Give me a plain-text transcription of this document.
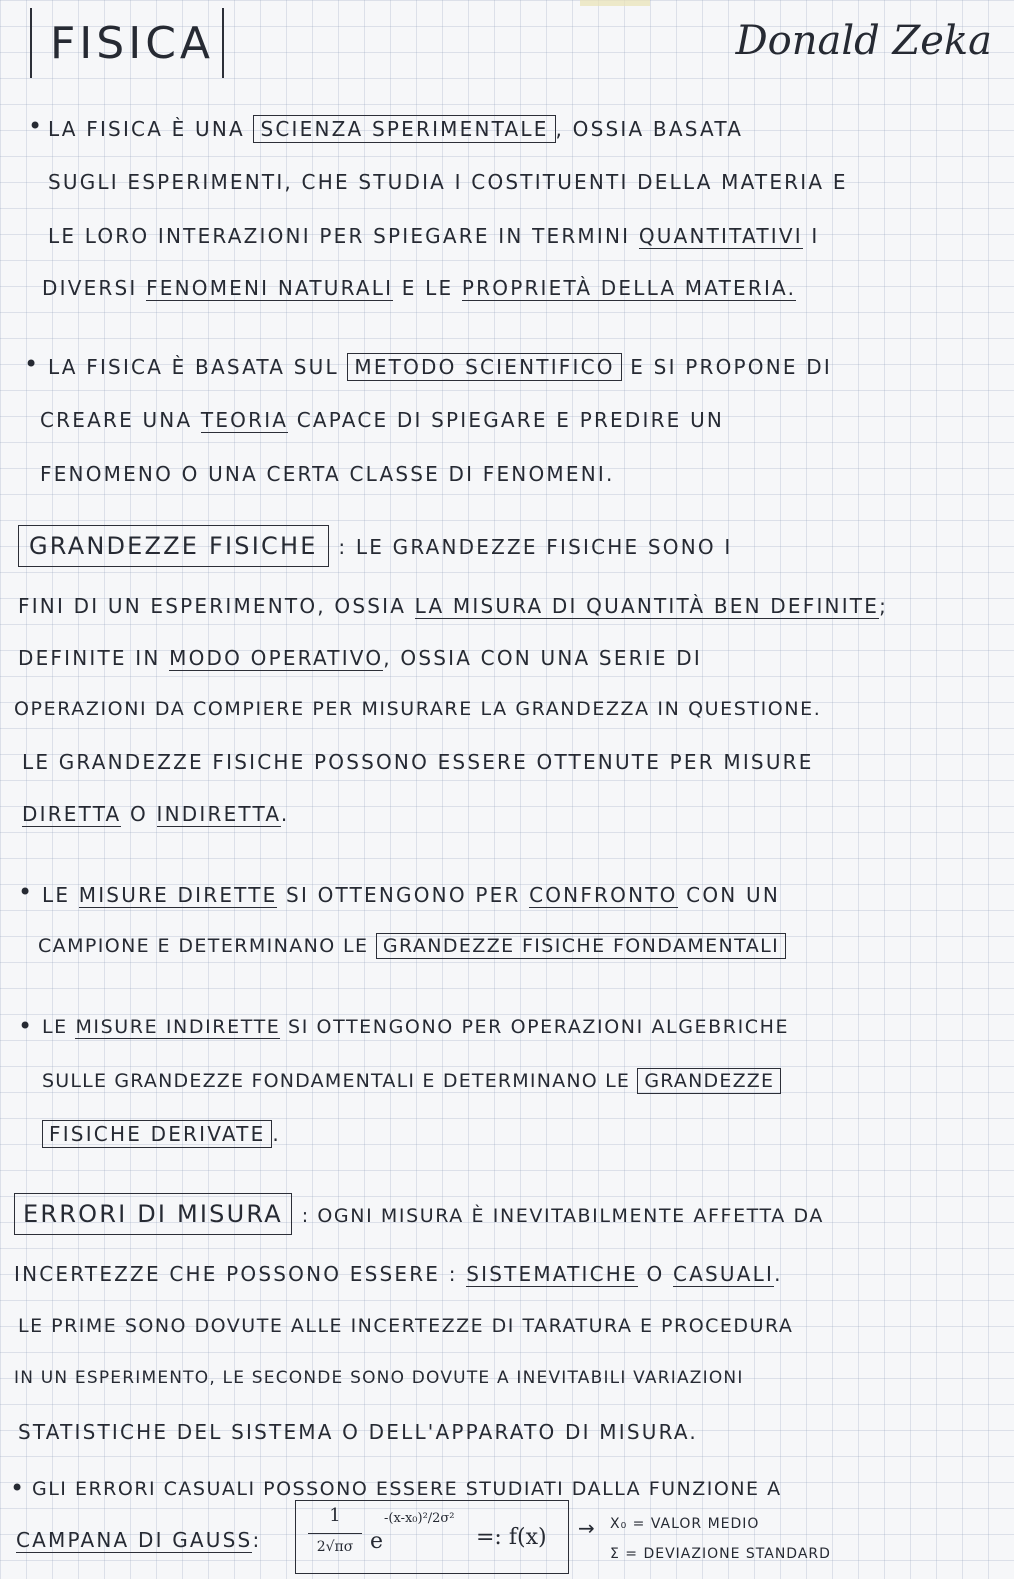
FISICA	Donald Zeka
• LA FISICA È UNA SCIENZA SPERIMENTALE , OSSIA BASATA
SUGLI ESPERIMENTI, CHE STUDIA I COSTITUENTI DELLA MATERIA E
LE LORO INTERAZIONI PER SPIEGARE IN TERMINI QUANTITATIVI I
DIVERSI FENOMENI NATURALI E LE PROPRIETÀ DELLA MATERIA.
• LA FISICA È BASATA SUL METODO SCIENTIFICO E SI PROPONE DI
CREARE UNA TEORIA CAPACE DI SPIEGARE E PREDIRE UN
FENOMENO O UNA CERTA CLASSE DI FENOMENI.
GRANDEZZE FISICHE : LE GRANDEZZE FISICHE SONO I
FINI DI UN ESPERIMENTO, OSSIA LA MISURA DI QUANTITÀ BEN DEFINITE;
DEFINITE IN MODO OPERATIVO, OSSIA CON UNA SERIE DI
OPERAZIONI DA COMPIERE PER MISURARE LA GRANDEZZA IN QUESTIONE.
LE GRANDEZZE FISICHE POSSONO ESSERE OTTENUTE PER MISURE
DIRETTA O INDIRETTA.
• LE MISURE DIRETTE SI OTTENGONO PER CONFRONTO CON UN
CAMPIONE E DETERMINANO LE GRANDEZZE FISICHE FONDAMENTALI
• LE MISURE INDIRETTE SI OTTENGONO PER OPERAZIONI ALGEBRICHE
SULLE GRANDEZZE FONDAMENTALI E DETERMINANO LE GRANDEZZE
FISICHE DERIVATE .
ERRORI DI MISURA : OGNI MISURA È INEVITABILMENTE AFFETTA DA
INCERTEZZE CHE POSSONO ESSERE : SISTEMATICHE O CASUALI.
LE PRIME SONO DOVUTE ALLE INCERTEZZE DI TARATURA E PROCEDURA
IN UN ESPERIMENTO, LE SECONDE SONO DOVUTE A INEVITABILI VARIAZIONI
STATISTICHE DEL SISTEMA O DELL'APPARATO DI MISURA.
• GLI ERRORI CASUALI POSSONO ESSERE STUDIATI DALLA FUNZIONE A
CAMPANA DI GAUSS:
1
2√πσ e
-(x-x₀)²/2σ²
=: f(x) → X₀ = VALOR MEDIO
Σ = DEVIAZIONE STANDARD
